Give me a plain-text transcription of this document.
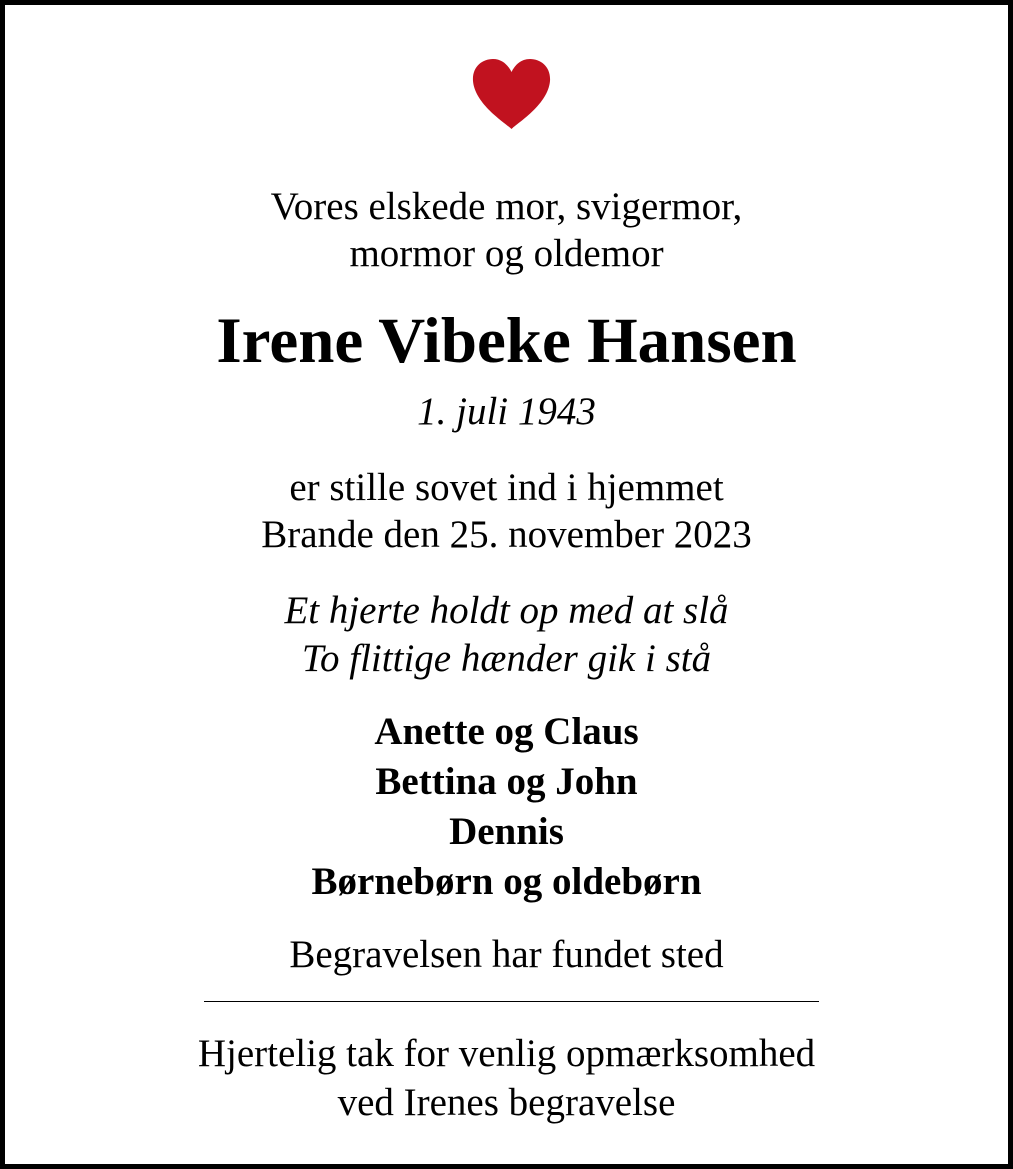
Vores elskede mor, svigermor,
mormor og oldemor
Irene Vibeke Hansen
1. juli 1943
er stille sovet ind i hjemmet
Brande den 25. november 2023
Et hjerte holdt op med at slå
To flittige hænder gik i stå
Anette og Claus
Bettina og John
Dennis
Børnebørn og oldebørn
Begravelsen har fundet sted
Hjertelig tak for venlig opmærksomhed
ved Irenes begravelse
